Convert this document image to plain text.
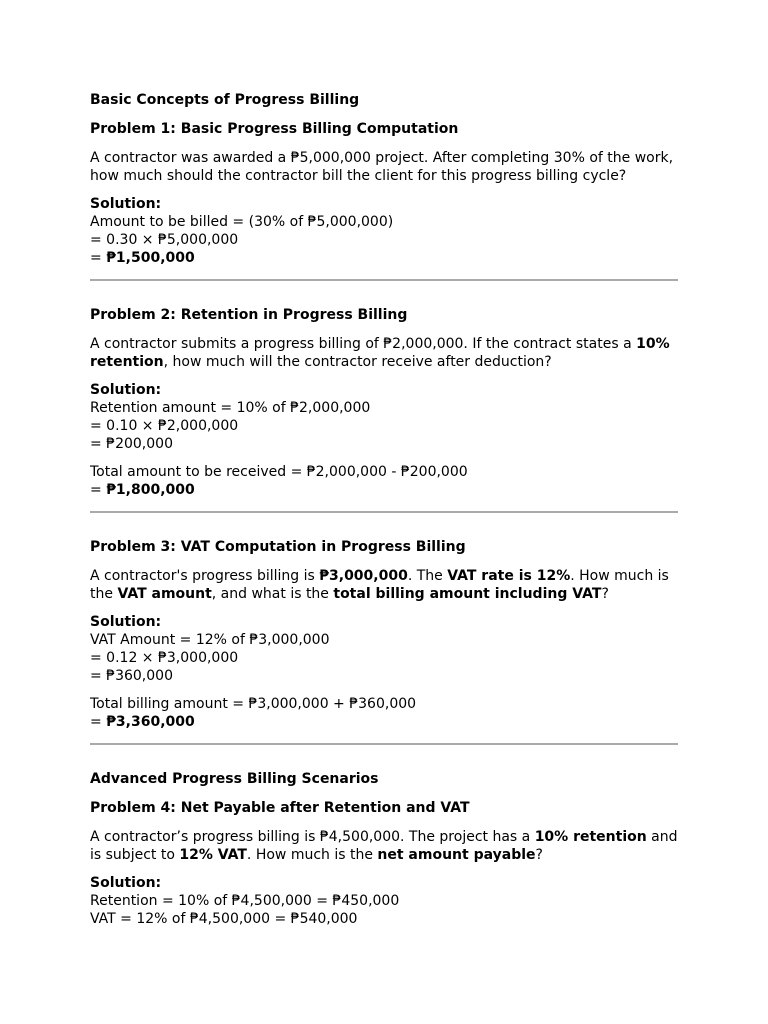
Basic Concepts of Progress Billing

Problem 1: Basic Progress Billing Computation

A contractor was awarded a ₱5,000,000 project. After completing 30% of the work, how much should the contractor bill the client for this progress billing cycle?

Solution:
Amount to be billed = (30% of ₱5,000,000)
= 0.30 × ₱5,000,000
= ₱1,500,000

Problem 2: Retention in Progress Billing

A contractor submits a progress billing of ₱2,000,000. If the contract states a 10% retention, how much will the contractor receive after deduction?

Solution:
Retention amount = 10% of ₱2,000,000
= 0.10 × ₱2,000,000
= ₱200,000
Total amount to be received = ₱2,000,000 - ₱200,000
= ₱1,800,000

Problem 3: VAT Computation in Progress Billing

A contractor's progress billing is ₱3,000,000. The VAT rate is 12%. How much is the VAT amount, and what is the total billing amount including VAT?

Solution:
VAT Amount = 12% of ₱3,000,000
= 0.12 × ₱3,000,000
= ₱360,000
Total billing amount = ₱3,000,000 + ₱360,000
= ₱3,360,000

Advanced Progress Billing Scenarios

Problem 4: Net Payable after Retention and VAT

A contractor’s progress billing is ₱4,500,000. The project has a 10% retention and is subject to 12% VAT. How much is the net amount payable?

Solution:
Retention = 10% of ₱4,500,000 = ₱450,000
VAT = 12% of ₱4,500,000 = ₱540,000
